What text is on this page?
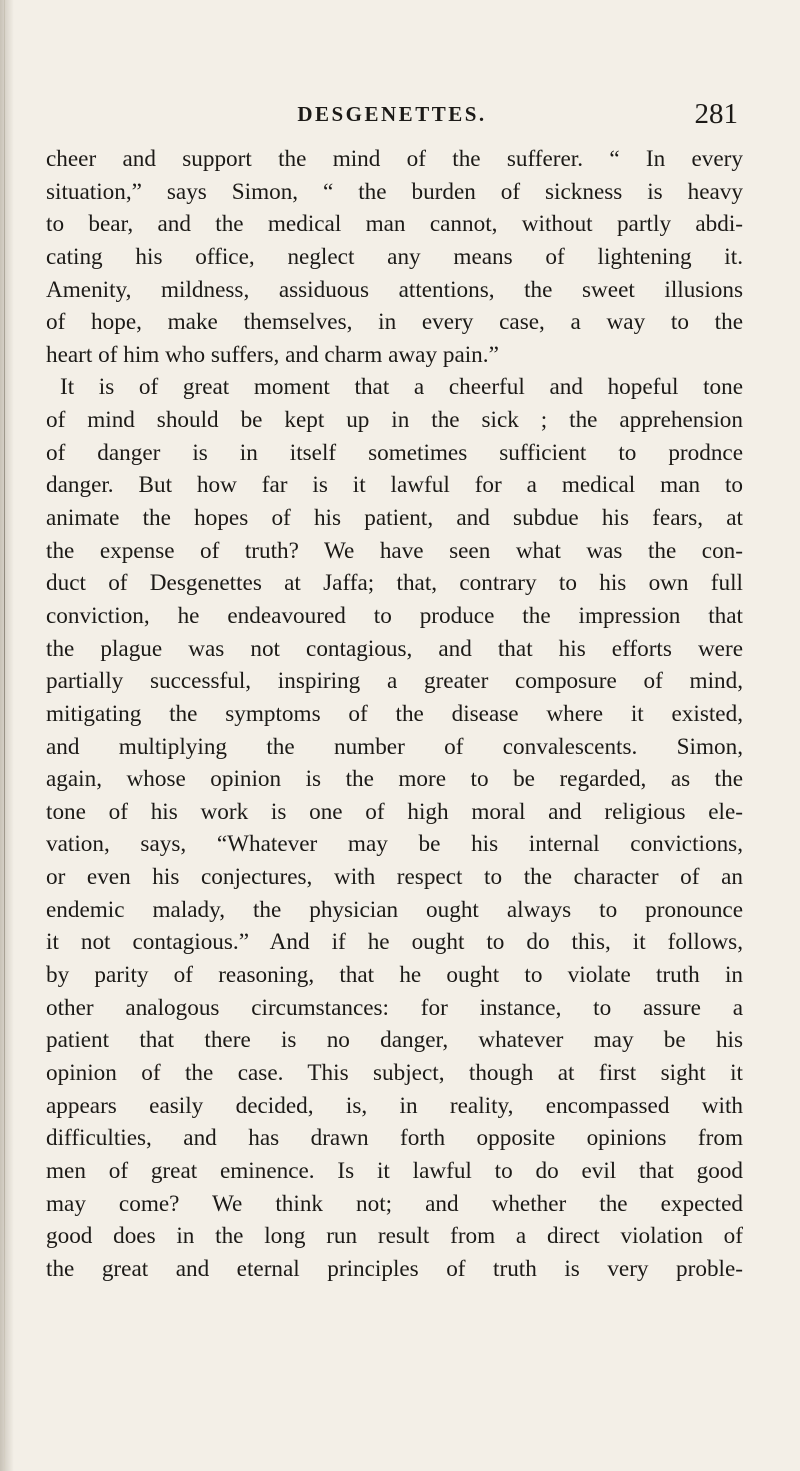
DESGENETTES.	281
cheer and support the mind of the sufferer. “ In every
situation,” says Simon, “ the burden of sickness is heavy
to bear, and the medical man cannot, without partly abdi-
cating his office, neglect any means of lightening it.
Amenity, mildness, assiduous attentions, the sweet illusions
of hope, make themselves, in every case, a way to the
heart of him who suffers, and charm away pain.”
It is of great moment that a cheerful and hopeful tone
of mind should be kept up in the sick ; the apprehension
of danger is in itself sometimes sufficient to prodnce
danger. But how far is it lawful for a medical man to
animate the hopes of his patient, and subdue his fears, at
the expense of truth? We have seen what was the con-
duct of Desgenettes at Jaffa; that, contrary to his own full
conviction, he endeavoured to produce the impression that
the plague was not contagious, and that his efforts were
partially successful, inspiring a greater composure of mind,
mitigating the symptoms of the disease where it existed,
and multiplying the number of convalescents. Simon,
again, whose opinion is the more to be regarded, as the
tone of his work is one of high moral and religious ele-
vation, says, “Whatever may be his internal convictions,
or even his conjectures, with respect to the character of an
endemic malady, the physician ought always to pronounce
it not contagious.” And if he ought to do this, it follows,
by parity of reasoning, that he ought to violate truth in
other analogous circumstances: for instance, to assure a
patient that there is no danger, whatever may be his
opinion of the case. This subject, though at first sight it
appears easily decided, is, in reality, encompassed with
difficulties, and has drawn forth opposite opinions from
men of great eminence. Is it lawful to do evil that good
may come? We think not; and whether the expected
good does in the long run result from a direct violation of
the great and eternal principles of truth is very proble-
